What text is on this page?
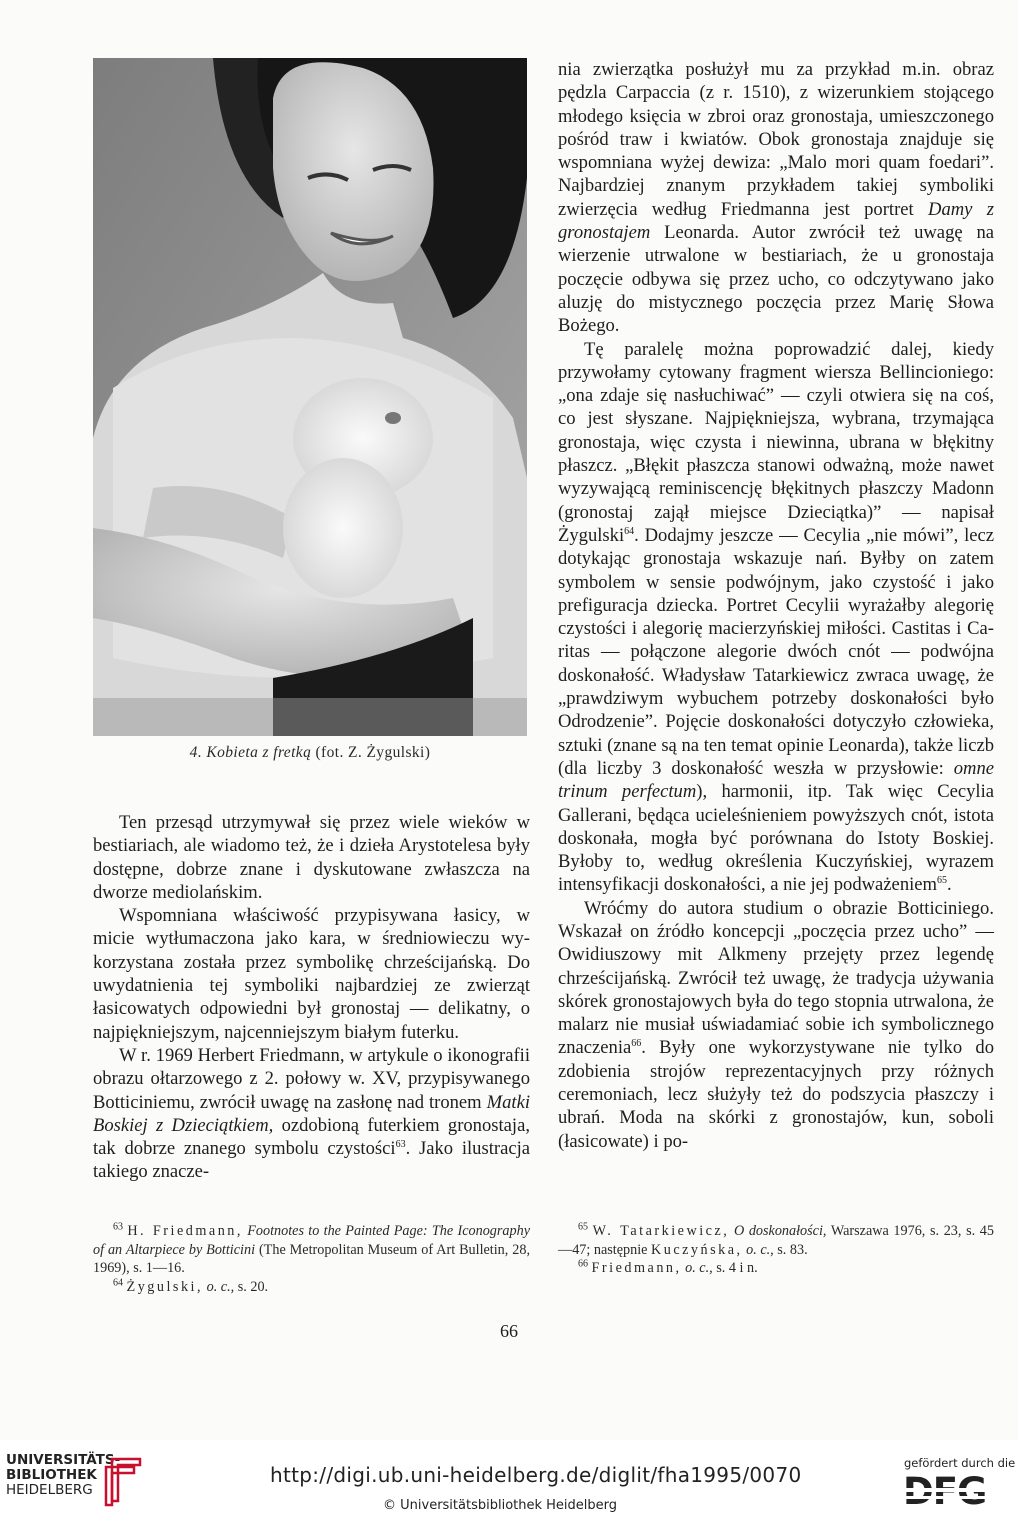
4. Kobieta z fretką (fot. Z. Żygulski)

nia zwierzątka posłużył mu za przykład m.in. obraz pędzla Carpaccia (z r. 1510), z wizerunkiem stojącego młodego księcia w zbroi oraz gronostaja, umieszczonego pośród traw i kwiatów. Obok gronostaja znajduje się wspomniana wyżej dewiza: „Malo mori quam foedari”. Najbardziej znanym przykładem takiej symboliki zwierzęcia według Friedmanna jest portret Damy z gronostajem Leonarda. Autor zwrócił też uwagę na wierzenie utrwalone w bestiariach, że u gronostaja poczęcie odbywa się przez ucho, co odczytywano jako aluzję do mistycznego poczęcia przez Marię Słowa Bożego.

Tę paralelę można poprowadzić dalej, kiedy przywołamy cytowany fragment wiersza Bellincioniego: „ona zdaje się nasłuchiwać” — czyli otwiera się na coś, co jest słyszane. Najpiękniejsza, wybrana, trzymająca gronostaja, więc czysta i niewinna, ubrana w błękitny płaszcz. „Błękit płaszcza stanowi odważną, może nawet wyzywającą reminiscencję błękitnych płaszczy Madonn (gronostaj zajął miejsce Dzieciątka)” — napisał Żygulski$^{64}$. Dodajmy jeszcze — Cecylia „nie mówi”, lecz dotykając gronostaja wskazuje nań. Byłby on zatem symbolem w sensie podwójnym, jako czystość i jako prefiguracja dziecka. Portret Cecylii wyrażałby alegorię czystości i alegorię macierzyńskiej miłości. Castitas i Caritas — połączone alegorie dwóch cnót — podwójna doskonałość. Władysław Tatarkiewicz zwraca uwagę, że „prawdziwym wybuchem potrzeby doskonałości było Odrodzenie”. Pojęcie doskonałości dotyczyło człowieka, sztuki (znane są na ten temat opinie Leonarda), także liczb (dla liczby 3 doskonałość weszła w przysłowie: omne trinum perfectum), harmonii, itp. Tak więc Cecylia Gallerani, będąca ucieleśnieniem powyższych cnót, istota doskonała, mogła być porównana do Istoty Boskiej. Byłoby to, według określenia Kuczyńskiej, wyrazem intensyfikacji doskonałości, a nie jej podważeniem$^{65}$.

Wróćmy do autora studium o obrazie Botticiniego. Wskazał on źródło koncepcji „poczęcia przez ucho” — Owidiuszowy mit Alkmeny przejęty przez legendę chrześcijańską. Zwrócił też uwagę, że tradycja używania skórek gronostajowych była do tego stopnia utrwalona, że malarz nie musiał uświadamiać sobie ich symbolicznego znaczenia$^{66}$. Były one wykorzystywane nie tylko do zdobienia strojów reprezentacyjnych przy różnych ceremoniach, lecz służyły też do podszycia płaszczy i ubrań. Moda na skórki z gronostajów, kun, soboli (łasicowate) i po-

Ten przesąd utrzymywał się przez wiele wieków w bestiariach, ale wiadomo też, że i dzieła Arystotelesa były dostępne, dobrze znane i dyskutowane zwłaszcza na dworze mediolańskim.

Wspomniana właściwość przypisywana łasicy, w micie wytłumaczona jako kara, w średniowieczu wykorzystana została przez symbolikę chrześcijańską. Do uwydatnienia tej symboliki najbardziej ze zwierząt łasicowatych odpowiedni był gronostaj — delikatny, o najpiękniejszym, najcenniejszym białym futerku.

W r. 1969 Herbert Friedmann, w artykule o ikonografii obrazu ołtarzowego z 2. połowy w. XV, przypisywanego Botticiniemu, zwrócił uwagę na zasłonę nad tronem Matki Boskiej z Dzieciątkiem, ozdobioną futerkiem gronostaja, tak dobrze znanego symbolu czystości$^{63}$. Jako ilustracja takiego znacze-

$^{63}$ H. Friedmann, Footnotes to the Painted Page: The Iconography of an Altarpiece by Botticini (The Metropolitan Museum of Art Bulletin, 28, 1969), s. 1—16.

$^{64}$ Żygulski, o. c., s. 20.

$^{65}$ W. Tatarkiewicz, O doskonałości, Warszawa 1976, s. 23, s. 45—47; następnie Kuczyńska, o. c., s. 83.

$^{66}$ Friedmann, o. c., s. 4 i n.

66
UNIVERSITÄTS-
BIBLIOTHEK
HEIDELBERG
http://digi.ub.uni-heidelberg.de/diglit/fha1995/0070
© Universitätsbibliothek Heidelberg
gefördert durch die
